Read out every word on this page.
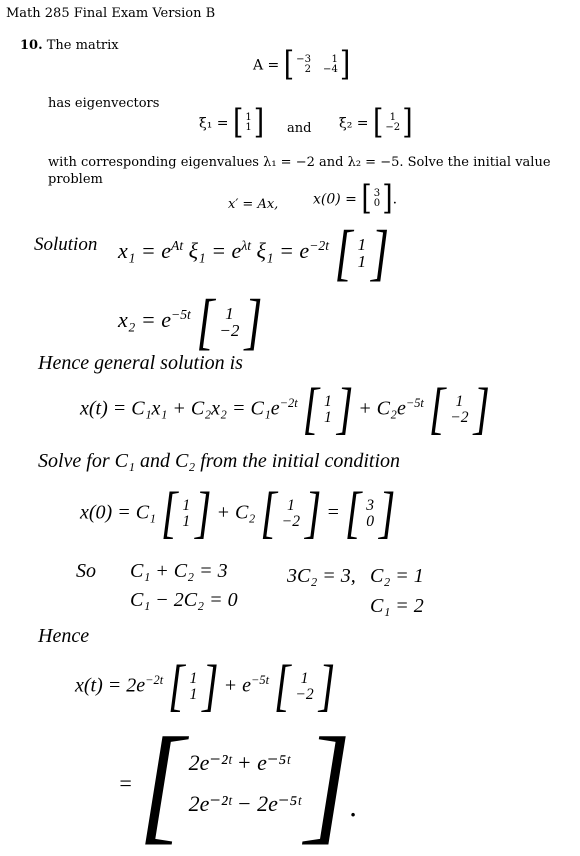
Math 285 Final Exam Version B
10. The matrix
A = [ −3	1
2 −4 ]
has eigenvectors
ξ₁ = [ 1
1 ] and ξ₂ = [ 1
−2 ]
with corresponding eigenvalues λ₁ = −2 and λ₂ = −5. Solve the initial value
problem
x′ = Ax, x(0) = [ 3
0 ] .
Solution $x_1 = e^{At}$ $\xi_1 = e^{\lambda t}$ $\xi_1 = e^{-2t}$ [ 1
1 ]
$x_2 = e^{-5t}$ [ 1
−2 ]
Hence general solution is
$x(t) = C_1x_1 + C_2x_2 = C_1e^{-2t}$ [ 1
1 ] + $C_2e^{-5t}$ [ 1
−2 ]
Solve for C₁ and C₂ from the initial condition
x(0) = C₁ [ 1
1 ] + C₂ [ 1
−2 ] = [ 3
0 ]
So C₁ + C₂ = 3
C₁ − 2C₂ = 0
3C₂ = 3, C₂ = 1
C₁ = 2
Hence
$x(t) = 2e^{-2t}$ [ 1
1 ] + $e^{-5t}$ [ 1
−2 ]
= [ 2e⁻²ᵗ + e⁻⁵ᵗ
2e⁻²ᵗ − 2e⁻⁵ᵗ ] .
